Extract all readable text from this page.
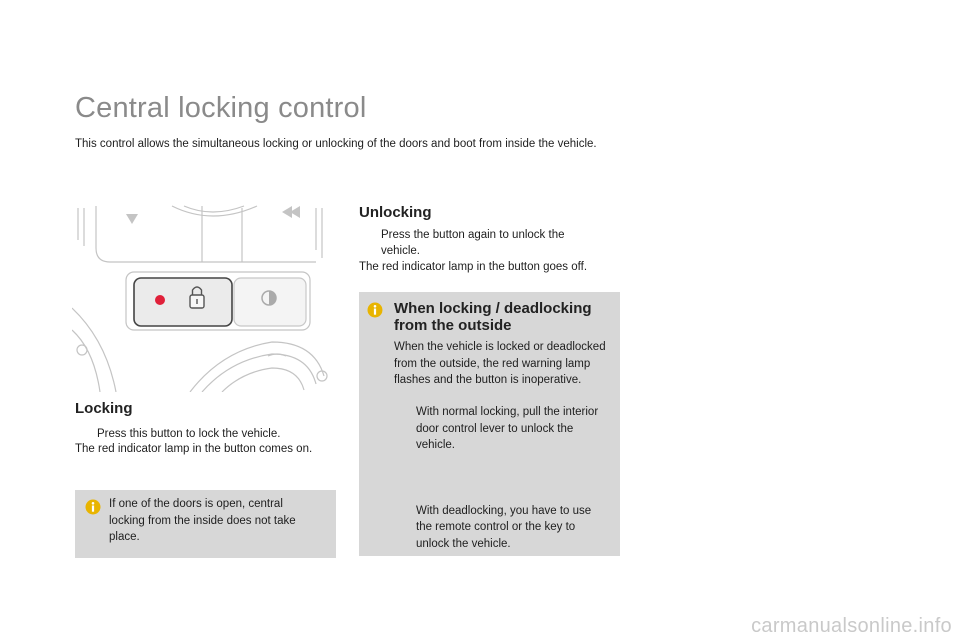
Central locking control
This control allows the simultaneous locking or unlocking of the doors and boot from inside the vehicle.
Locking
Press this button to lock the vehicle.
The red indicator lamp in the button comes on.
If one of the doors is open, central locking from the inside does not take place.
Unlocking
Press the button again to unlock the
vehicle.
The red indicator lamp in the button goes off.
When locking / deadlocking
from the outside
When the vehicle is locked or deadlocked from the outside, the red warning lamp flashes and the button is inoperative.
With normal locking, pull the interior door control lever to unlock the vehicle.
With deadlocking, you have to use the remote control or the key to unlock the vehicle.
carmanualsonline.info
